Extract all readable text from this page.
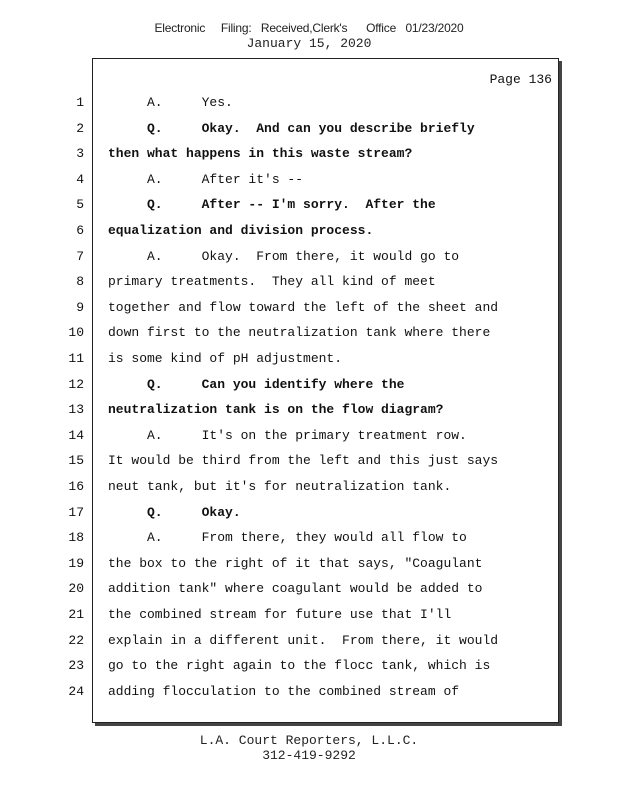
Electronic     Filing:   Received,Clerk's      Office   01/23/2020
January 15, 2020
Page 136
1 A.     Yes.
2 Q.     Okay.  And can you describe briefly
3 then what happens in this waste stream?
4 A.     After it's --
5 Q.     After -- I'm sorry.  After the
6 equalization and division process.
7 A.     Okay.  From there, it would go to
8 primary treatments.  They all kind of meet
9 together and flow toward the left of the sheet and
10 down first to the neutralization tank where there
11 is some kind of pH adjustment.
12 Q.     Can you identify where the
13 neutralization tank is on the flow diagram?
14 A.     It's on the primary treatment row.
15 It would be third from the left and this just says
16 neut tank, but it's for neutralization tank.
17 Q.     Okay.
18 A.     From there, they would all flow to
19 the box to the right of it that says, "Coagulant
20 addition tank" where coagulant would be added to
21 the combined stream for future use that I'll
22 explain in a different unit.  From there, it would
23 go to the right again to the flocc tank, which is
24 adding flocculation to the combined stream of
L.A. Court Reporters, L.L.C.
312-419-9292
